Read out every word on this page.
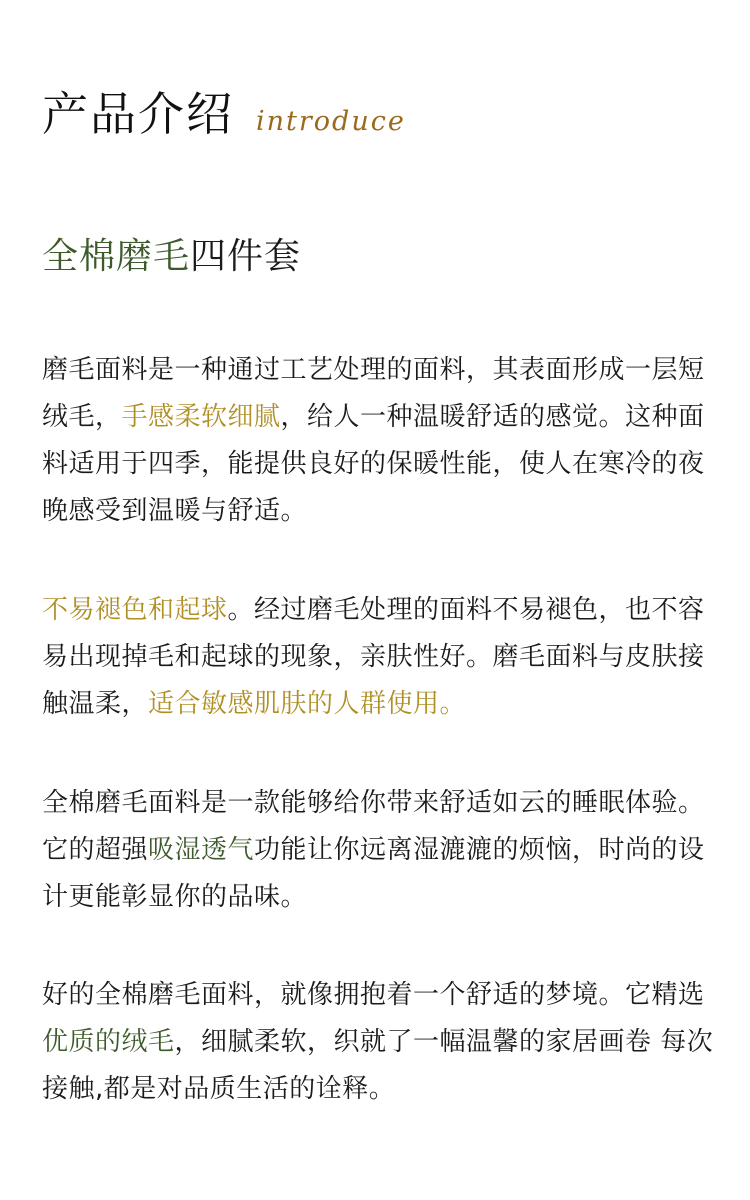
产品介绍 introduce
全棉磨毛四件套
磨毛面料是一种通过工艺处理的面料，其表面形成一层短绒毛，手感柔软细腻，给人一种温暖舒适的感觉。这种面料适用于四季，能提供良好的保暖性能，使人在寒冷的夜晚感受到温暖与舒适。
不易褪色和起球。经过磨毛处理的面料不易褪色，也不容易出现掉毛和起球的现象，亲肤性好。磨毛面料与皮肤接触温柔，适合敏感肌肤的人群使用。
全棉磨毛面料是一款能够给你带来舒适如云的睡眠体验。它的超强吸湿透气功能让你远离湿漉漉的烦恼，时尚的设计更能彰显你的品味。
好的全棉磨毛面料，就像拥抱着一个舒适的梦境。它精选优质的绒毛，细腻柔软，织就了一幅温馨的家居画卷 每次接触,都是对品质生活的诠释。
